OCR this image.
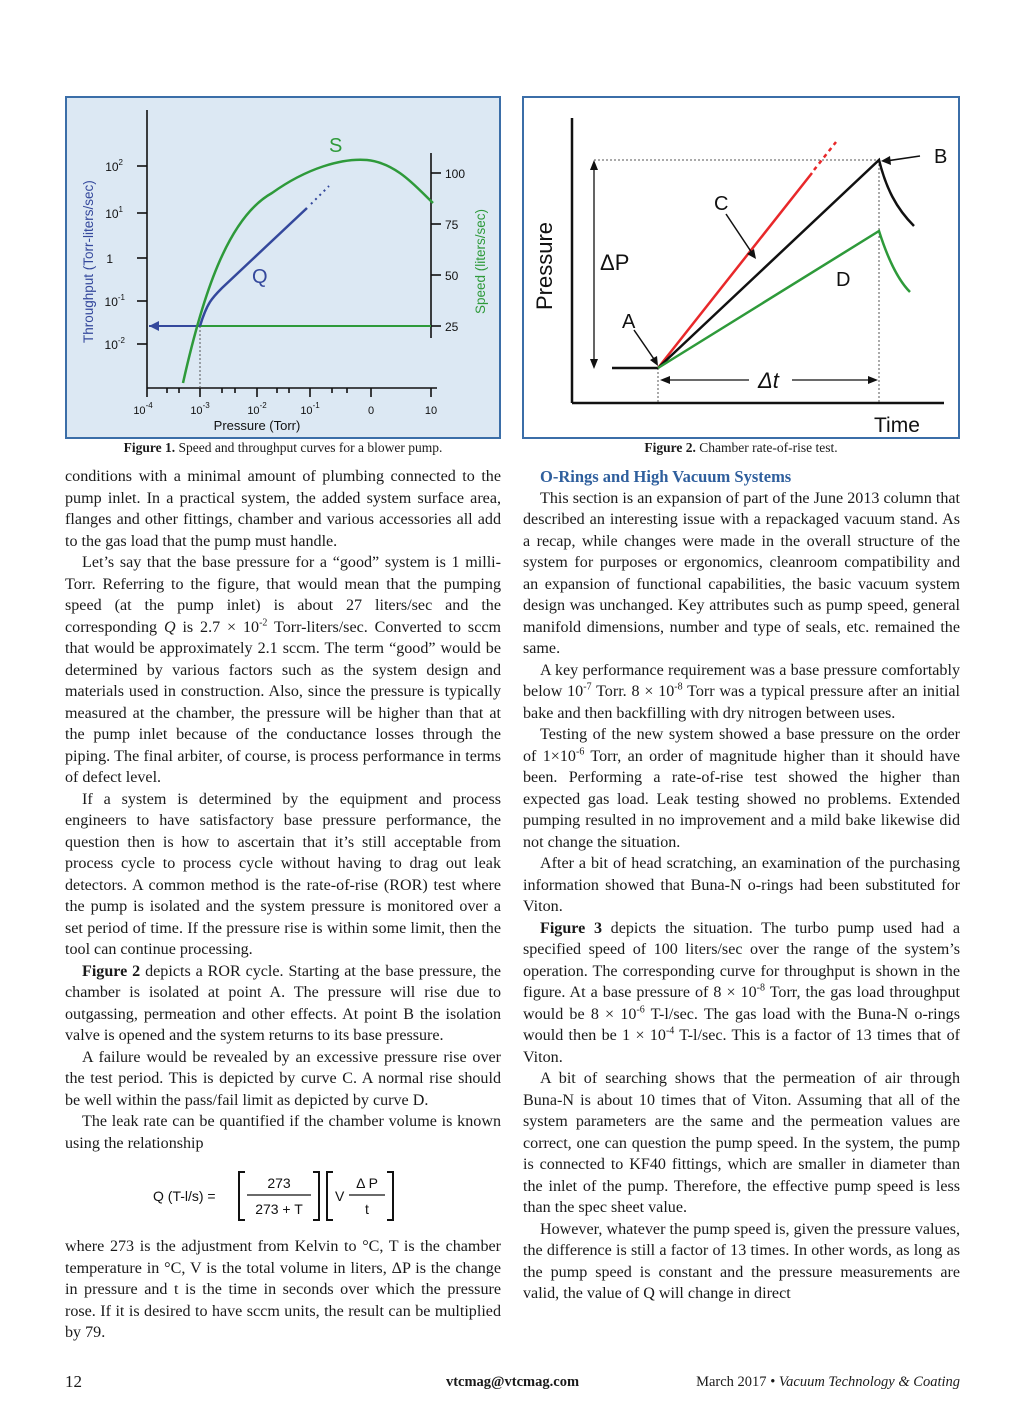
$10^2$
$10^1$
1
$10^{-1}$
$10^{-2}$
100
75
50
25
$10^{-4}$	$10^{-3}$	$10^{-2}$	$10^{-1}$	0	10
Throughput (Torr-liters/sec)	Speed (liters/sec)
Pressure (Torr)
S
Q
Figure 1. Speed and throughput curves for a blower pump.
ΔP
Δt
Pressure
Time
A
B
C
D
Figure 2. Chamber rate-of-rise test.

conditions with a minimal amount of plumbing connected to the pump inlet. In a practical system, the added system surface area, flanges and other fittings, chamber and various accessories all add to the gas load that the pump must handle.

Let’s say that the base pressure for a “good” system is 1 milli-Torr. Referring to the figure, that would mean that the pumping speed (at the pump inlet) is about 27 liters/sec and the corresponding Q is $2.7 \times 10^{-2}$ Torr-liters/sec. Converted to sccm that would be approximately 2.1 sccm. The term “good” would be determined by various factors such as the system design and materials used in construction. Also, since the pressure is typically measured at the chamber, the pressure will be higher than that at the pump inlet because of the conductance losses through the piping. The final arbiter, of course, is process performance in terms of defect level.

If a system is determined by the equipment and process engineers to have satisfactory base pressure performance, the question then is how to ascertain that it’s still acceptable from process cycle to process cycle without having to drag out leak detectors. A common method is the rate-of-rise (ROR) test where the pump is isolated and the system pressure is monitored over a set period of time. If the pressure rise is within some limit, then the tool can continue processing.

Figure 2 depicts a ROR cycle. Starting at the base pressure, the chamber is isolated at point A. The pressure will rise due to outgassing, permeation and other effects. At point B the isolation valve is opened and the system returns to its base pressure.

A failure would be revealed by an excessive pressure rise over the test period. This is depicted by curve C. A normal rise should be well within the pass/fail limit as depicted by curve D.

The leak rate can be quantified if the chamber volume is known using the relationship

Q (T-l/s) =
273
273 + T
V
Δ P
t

where 273 is the adjustment from Kelvin to °C, T is the chamber temperature in °C, V is the total volume in liters, ΔP is the change in pressure and t is the time in seconds over which the pressure rose. If it is desired to have sccm units, the result can be multiplied by 79.

O-Rings and High Vacuum Systems

This section is an expansion of part of the June 2013 column that described an interesting issue with a repackaged vacuum stand. As a recap, while changes were made in the overall structure of the system for purposes or ergonomics, cleanroom compatibility and an expansion of functional capabilities, the basic vacuum system design was unchanged. Key attributes such as pump speed, general manifold dimensions, number and type of seals, etc. remained the same.

A key performance requirement was a base pressure comfortably below $10^{-7}$ Torr. $8 \times 10^{-8}$ Torr was a typical pressure after an initial bake and then backfilling with dry nitrogen between uses.

Testing of the new system showed a base pressure on the order of $1\times 10^{-6}$ Torr, an order of magnitude higher than it should have been. Performing a rate-of-rise test showed the higher than expected gas load. Leak testing showed no problems. Extended pumping resulted in no improvement and a mild bake likewise did not change the situation.

After a bit of head scratching, an examination of the purchasing information showed that Buna-N o-rings had been substituted for Viton.

Figure 3 depicts the situation. The turbo pump used had a specified speed of 100 liters/sec over the range of the system’s operation. The corresponding curve for throughput is shown in the figure. At a base pressure of $8 \times 10^{-8}$ Torr, the gas load throughput would be $8 \times 10^{-6}$ T-l/sec. The gas load with the Buna-N o-rings would then be $1 \times 10^{-4}$ T-l/sec. This is a factor of 13 times that of Viton.

A bit of searching shows that the permeation of air through Buna-N is about 10 times that of Viton. Assuming that all of the system parameters are the same and the permeation values are correct, one can question the pump speed. In the system, the pump is connected to KF40 fittings, which are smaller in diameter than the inlet of the pump. Therefore, the effective pump speed is less than the spec sheet value.

However, whatever the pump speed is, given the pressure values, the difference is still a factor of 13 times. In other words, as long as the pump speed is constant and the pressure measurements are valid, the value of Q will change in direct

12	vtcmag@vtcmag.com	March 2017 • Vacuum Technology & Coating
